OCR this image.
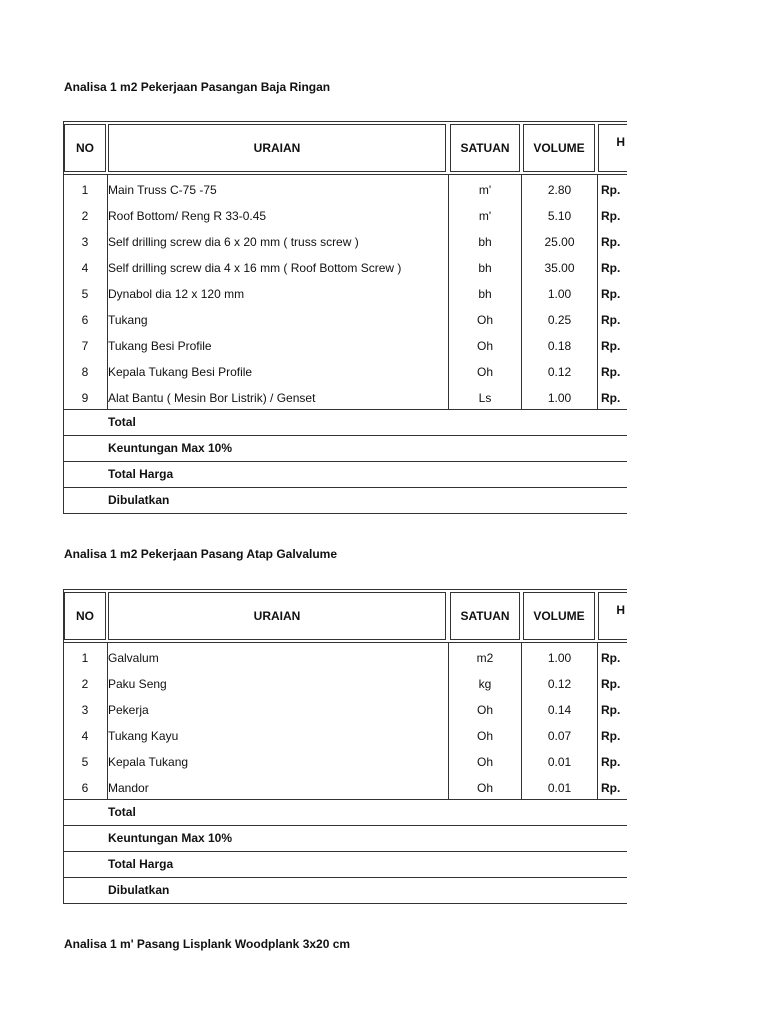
Analisa 1 m2 Pekerjaan Pasangan Baja Ringan
NO	URAIAN	SATUAN	VOLUME	H
1	Main Truss C-75 -75	m'	2.80	Rp.
2	Roof Bottom/ Reng R 33-0.45	m'	5.10	Rp.
3	Self drilling screw dia 6 x 20 mm ( truss screw )	bh	25.00	Rp.
4	Self drilling screw dia 4 x 16 mm ( Roof Bottom Screw )	bh	35.00	Rp.
5	Dynabol dia 12 x 120 mm	bh	1.00	Rp.
6	Tukang	Oh	0.25	Rp.
7	Tukang Besi Profile	Oh	0.18	Rp.
8	Kepala Tukang Besi Profile	Oh	0.12	Rp.
9	Alat Bantu ( Mesin Bor Listrik) / Genset	Ls	1.00	Rp.
Total
Keuntungan Max 10%
Total Harga
Dibulatkan
Analisa 1 m2 Pekerjaan Pasang Atap Galvalume
NO	URAIAN	SATUAN	VOLUME	H
1	Galvalum	m2	1.00	Rp.
2	Paku Seng	kg	0.12	Rp.
3	Pekerja	Oh	0.14	Rp.
4	Tukang Kayu	Oh	0.07	Rp.
5	Kepala Tukang	Oh	0.01	Rp.
6	Mandor	Oh	0.01	Rp.
Total
Keuntungan Max 10%
Total Harga
Dibulatkan
Analisa 1 m' Pasang Lisplank Woodplank 3x20 cm
